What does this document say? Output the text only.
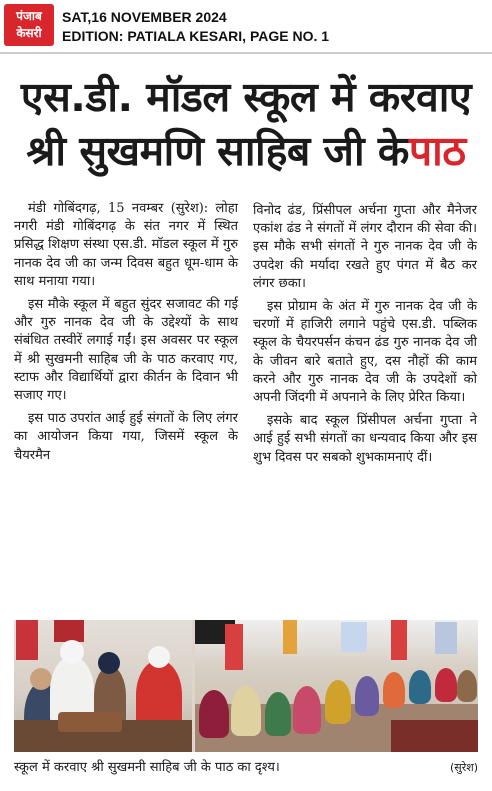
पंजाब
केसरी
SAT,16 NOVEMBER 2024
EDITION: PATIALA KESARI, PAGE NO. 1
एस.डी. मॉडल स्कूल में करवाए
श्री सुखमणि साहिब जी केपाठ

मंडी गोबिंदगढ़, 15 नवम्बर (सुरेश): लोहा नगरी मंडी गोबिंदगढ़ के संत नगर में स्थित प्रसिद्ध शिक्षण संस्था एस.डी. मॉडल स्कूल में गुरु नानक देव जी का जन्म दिवस बहुत धूम-धाम के साथ मनाया गया।

इस मौके स्कूल में बहुत सुंदर सजावट की गई और गुरु नानक देव जी के उद्देश्यों के साथ संबंधित तस्वीरें लगाई गईं। इस अवसर पर स्कूल में श्री सुखमनी साहिब जी के पाठ करवाए गए, स्टाफ और विद्यार्थियों द्वारा कीर्तन के दिवान भी सजाए गए।

इस पाठ उपरांत आई हुई संगतों के लिए लंगर का आयोजन किया गया, जिसमें स्कूल के चैयरमैन

विनोद ढंड, प्रिंसीपल अर्चना गुप्ता और मैनेजर एकांश ढंड ने संगतों में लंगर दौरान की सेवा की। इस मौके सभी संगतों ने गुरु नानक देव जी के उपदेश की मर्यादा रखते हुए पंगत में बैठ कर लंगर छका।

इस प्रोग्राम के अंत में गुरु नानक देव जी के चरणों में हाजिरी लगाने पहुंचे एस.डी. पब्लिक स्कूल के चैयरपर्सन कंचन ढंड गुरु नानक देव जी के जीवन बारे बताते हुए, दस नौहों की काम करने और गुरु नानक देव जी के उपदेशों को अपनी जिंदगी में अपनाने के लिए प्रेरित किया।

इसके बाद स्कूल प्रिंसीपल अर्चना गुप्ता ने आई हुई सभी संगतों का धन्यवाद किया और इस शुभ दिवस पर सबको शुभकामनाएं दीं।

स्कूल में करवाए श्री सुखमनी साहिब जी के पाठ का दृश्य।	(सुरेश)
